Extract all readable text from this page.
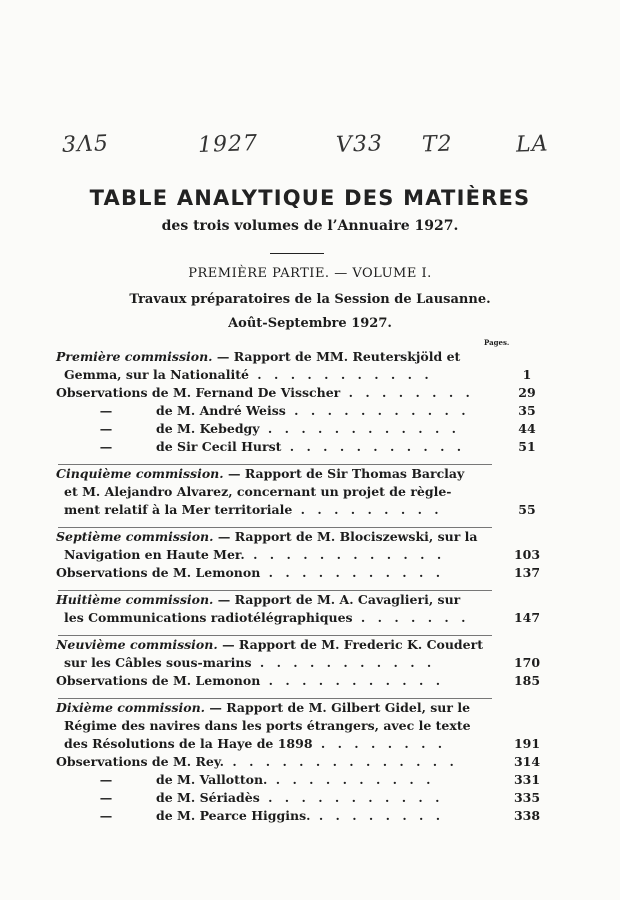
3Λ5	1927	V33 T2	LA
TABLE ANALYTIQUE DES MATIÈRES
des trois volumes de l’Annuaire 1927.
PREMIÈRE PARTIE. — VOLUME I.
Travaux préparatoires de la Session de Lausanne.
Août-Septembre 1927.
Pages.
Première commission. — Rapport de MM. Reuterskjöld et
Gemma, sur la Nationalité . . . . . . . . . . .	1
Observations de M. Fernand De Visscher . . . . . . . .	29
—	de M. André Weiss . . . . . . . . . . .	35
—	de M. Kebedgy . . . . . . . . . . . .	44
—	de Sir Cecil Hurst . . . . . . . . . . .	51
Cinquième commission. — Rapport de Sir Thomas Barclay
et M. Alejandro Alvarez, concernant un projet de règle-
ment relatif à la Mer territoriale . . . . . . . . .	55
Septième commission. — Rapport de M. Blociszewski, sur la
Navigation en Haute Mer. . . . . . . . . . . . .	103
Observations de M. Lemonon . . . . . . . . . . .	137
Huitième commission. — Rapport de M. A. Cavaglieri, sur
les Communications radiotélégraphiques . . . . . . .	147
Neuvième commission. — Rapport de M. Frederic K. Coudert
sur les Câbles sous-marins . . . . . . . . . . .	170
Observations de M. Lemonon . . . . . . . . . . .	185
Dixième commission. — Rapport de M. Gilbert Gidel, sur le
Régime des navires dans les ports étrangers, avec le texte
des Résolutions de la Haye de 1898 . . . . . . . .	191
Observations de M. Rey. . . . . . . . . . . . . . .	314
—	de M. Vallotton. . . . . . . . . . .	331
—	de M. Sériadès . . . . . . . . . . .	335
—	de M. Pearce Higgins. . . . . . . . .	338
